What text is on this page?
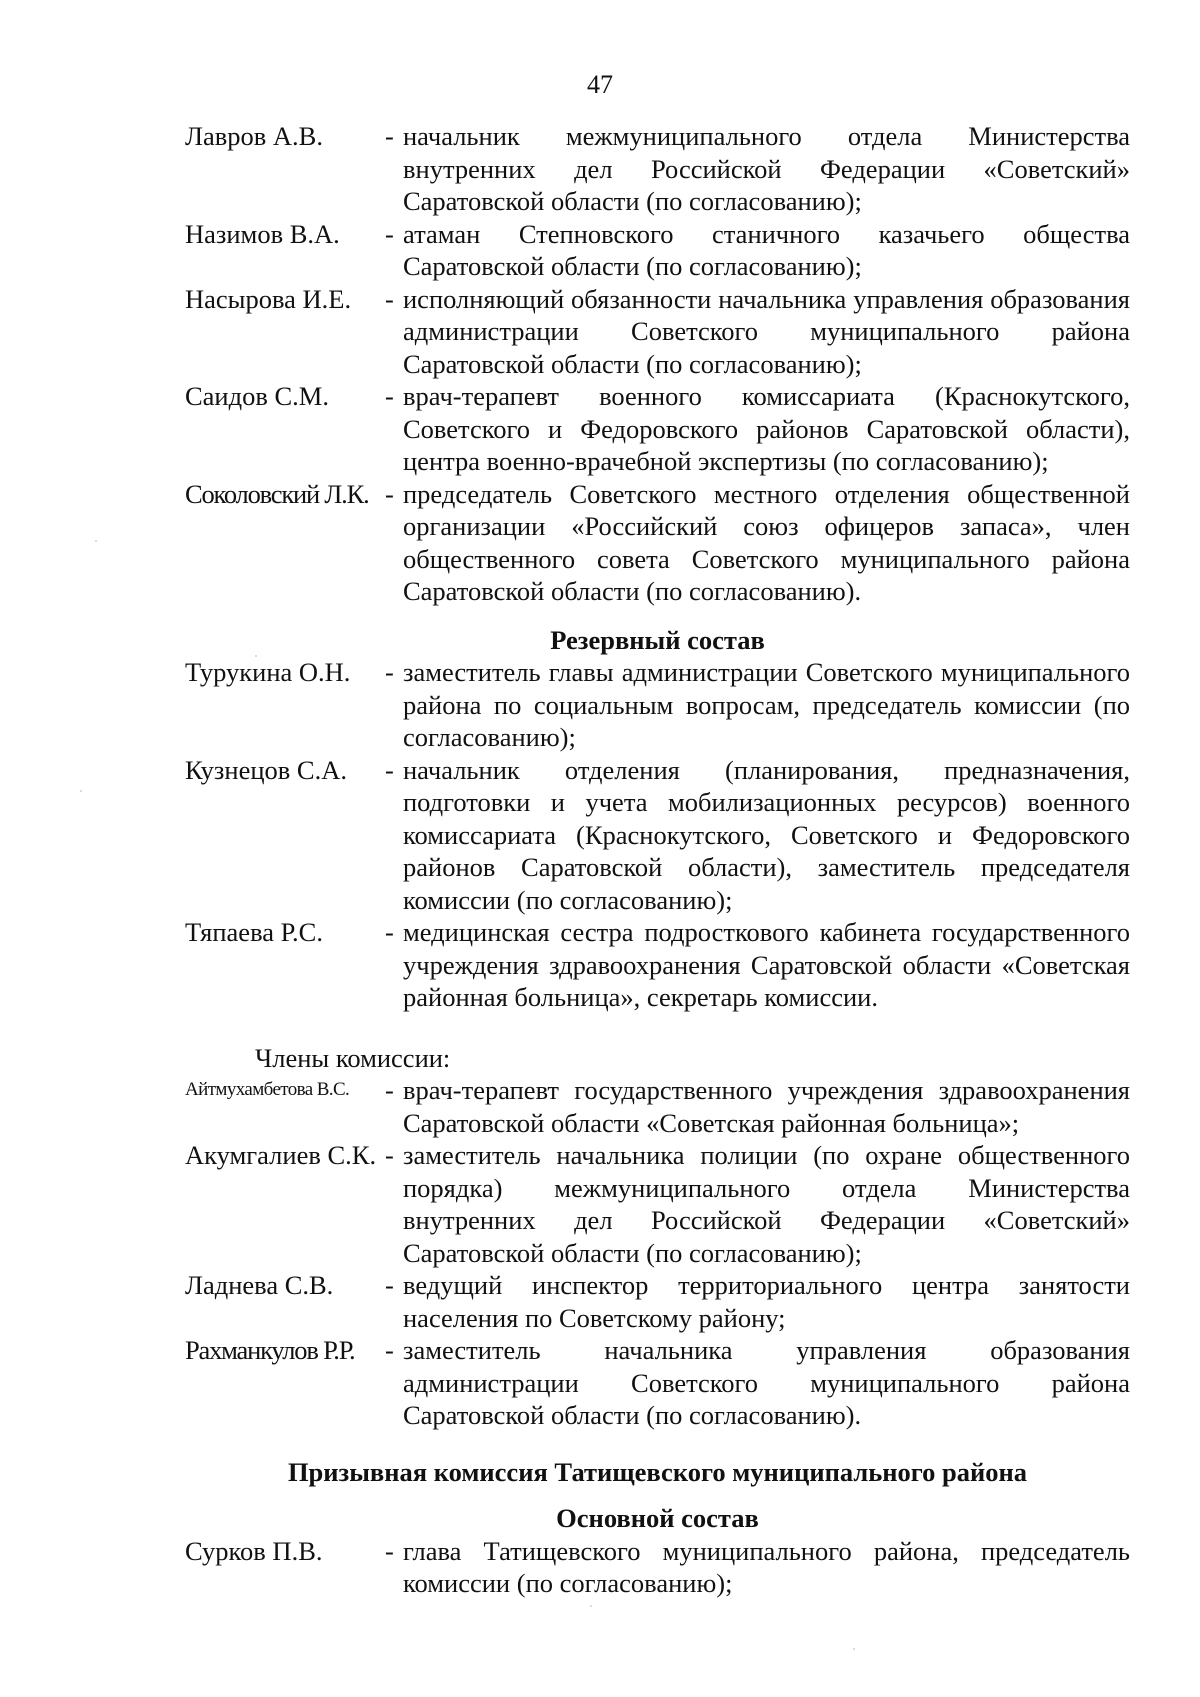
47
Лавров А.В.	- начальник межмуниципального отдела Министерства внутренних дел Российской Федерации «Советский» Саратовской области (по согласованию);
Назимов В.А.	- атаман Степновского станичного казачьего общества Саратовской области (по согласованию);
Насырова И.Е.	- исполняющий обязанности начальника управления образования администрации Советского муниципального района Саратовской области (по согласованию);
Саидов С.М.	- врач-терапевт военного комиссариата (Краснокутского, Советского и Федоровского районов Саратовской области), центра военно-врачебной экспертизы (по согласованию);
Соколовский Л.К. - председатель Советского местного отделения общественной организации «Российский союз офицеров запаса», член общественного совета Советского муниципального района Саратовской области (по согласованию).
Резервный состав
Турукина О.Н.	- заместитель главы администрации Советского муниципального района по социальным вопросам, председатель комиссии (по согласованию);
Кузнецов С.А.	- начальник отделения (планирования, предназначения, подготовки и учета мобилизационных ресурсов) военного комиссариата (Краснокутского, Советского и Федоровского районов Саратовской области), заместитель председателя комиссии (по согласованию);
Тяпаева Р.С.	- медицинская сестра подросткового кабинета государственного учреждения здравоохранения Саратовской области «Советская районная больница», секретарь комиссии.
Члены комиссии:
Айтмухамбетова В.С.	- врач-терапевт государственного учреждения здравоохранения Саратовской области «Советская районная больница»;
Акумгалиев С.К. - заместитель начальника полиции (по охране общественного порядка) межмуниципального отдела Министерства внутренних дел Российской Федерации «Советский» Саратовской области (по согласованию);
Ладнева С.В.	- ведущий инспектор территориального центра занятости населения по Советскому району;
Рахманкулов Р.Р.	- заместитель начальника управления образования администрации Советского муниципального района Саратовской области (по согласованию).
Призывная комиссия Татищевского муниципального района
Основной состав
Сурков П.В.	- глава Татищевского муниципального района, председатель комиссии (по согласованию);
